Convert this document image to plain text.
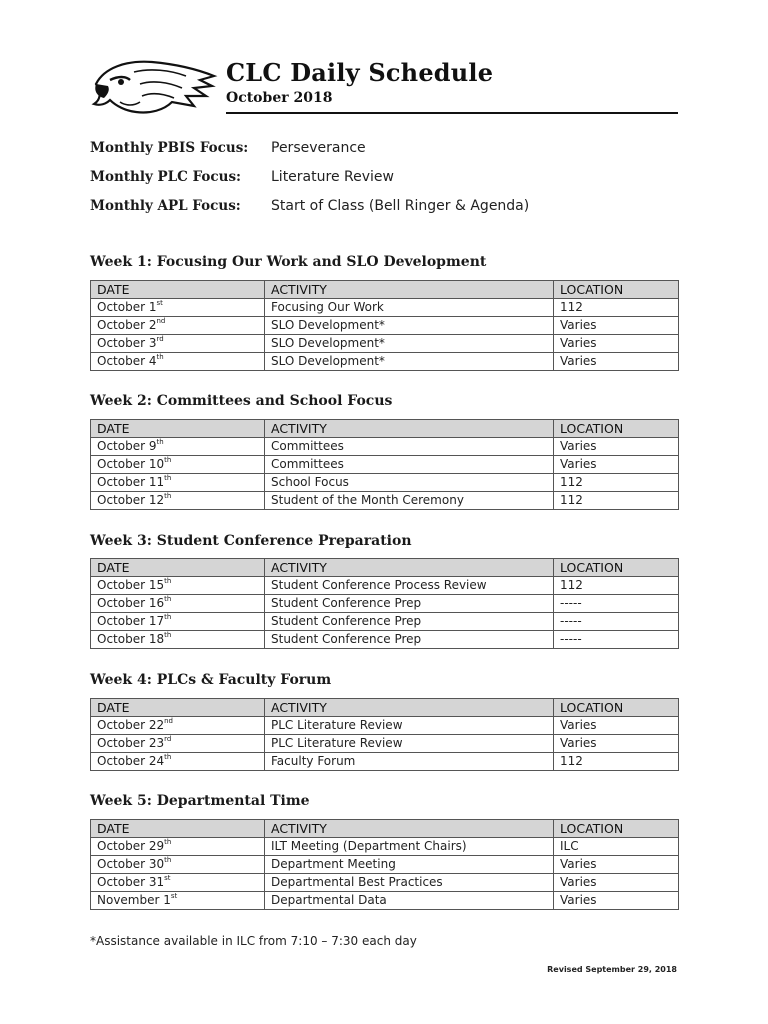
CLC Daily Schedule
October 2018
Monthly PBIS Focus: Perseverance
Monthly PLC Focus: Literature Review
Monthly APL Focus: Start of Class (Bell Ringer & Agenda)
Week 1: Focusing Our Work and SLO Development
DATE	ACTIVITY	LOCATION
October 1st	Focusing Our Work	112
October 2nd	SLO Development*	Varies
October 3rd	SLO Development*	Varies
October 4th	SLO Development*	Varies
Week 2: Committees and School Focus
DATE	ACTIVITY	LOCATION
October 9th	Committees	Varies
October 10th	Committees	Varies
October 11th	School Focus	112
October 12th	Student of the Month Ceremony	112
Week 3: Student Conference Preparation
DATE	ACTIVITY	LOCATION
October 15th	Student Conference Process Review	112
October 16th	Student Conference Prep	-----
October 17th	Student Conference Prep	-----
October 18th	Student Conference Prep	-----
Week 4: PLCs & Faculty Forum
DATE	ACTIVITY	LOCATION
October 22nd	PLC Literature Review	Varies
October 23rd	PLC Literature Review	Varies
October 24th	Faculty Forum	112
Week 5: Departmental Time
DATE	ACTIVITY	LOCATION
October 29th	ILT Meeting (Department Chairs)	ILC
October 30th	Department Meeting	Varies
October 31st	Departmental Best Practices	Varies
November 1st	Departmental Data	Varies
*Assistance available in ILC from 7:10 – 7:30 each day
Revised September 29, 2018
